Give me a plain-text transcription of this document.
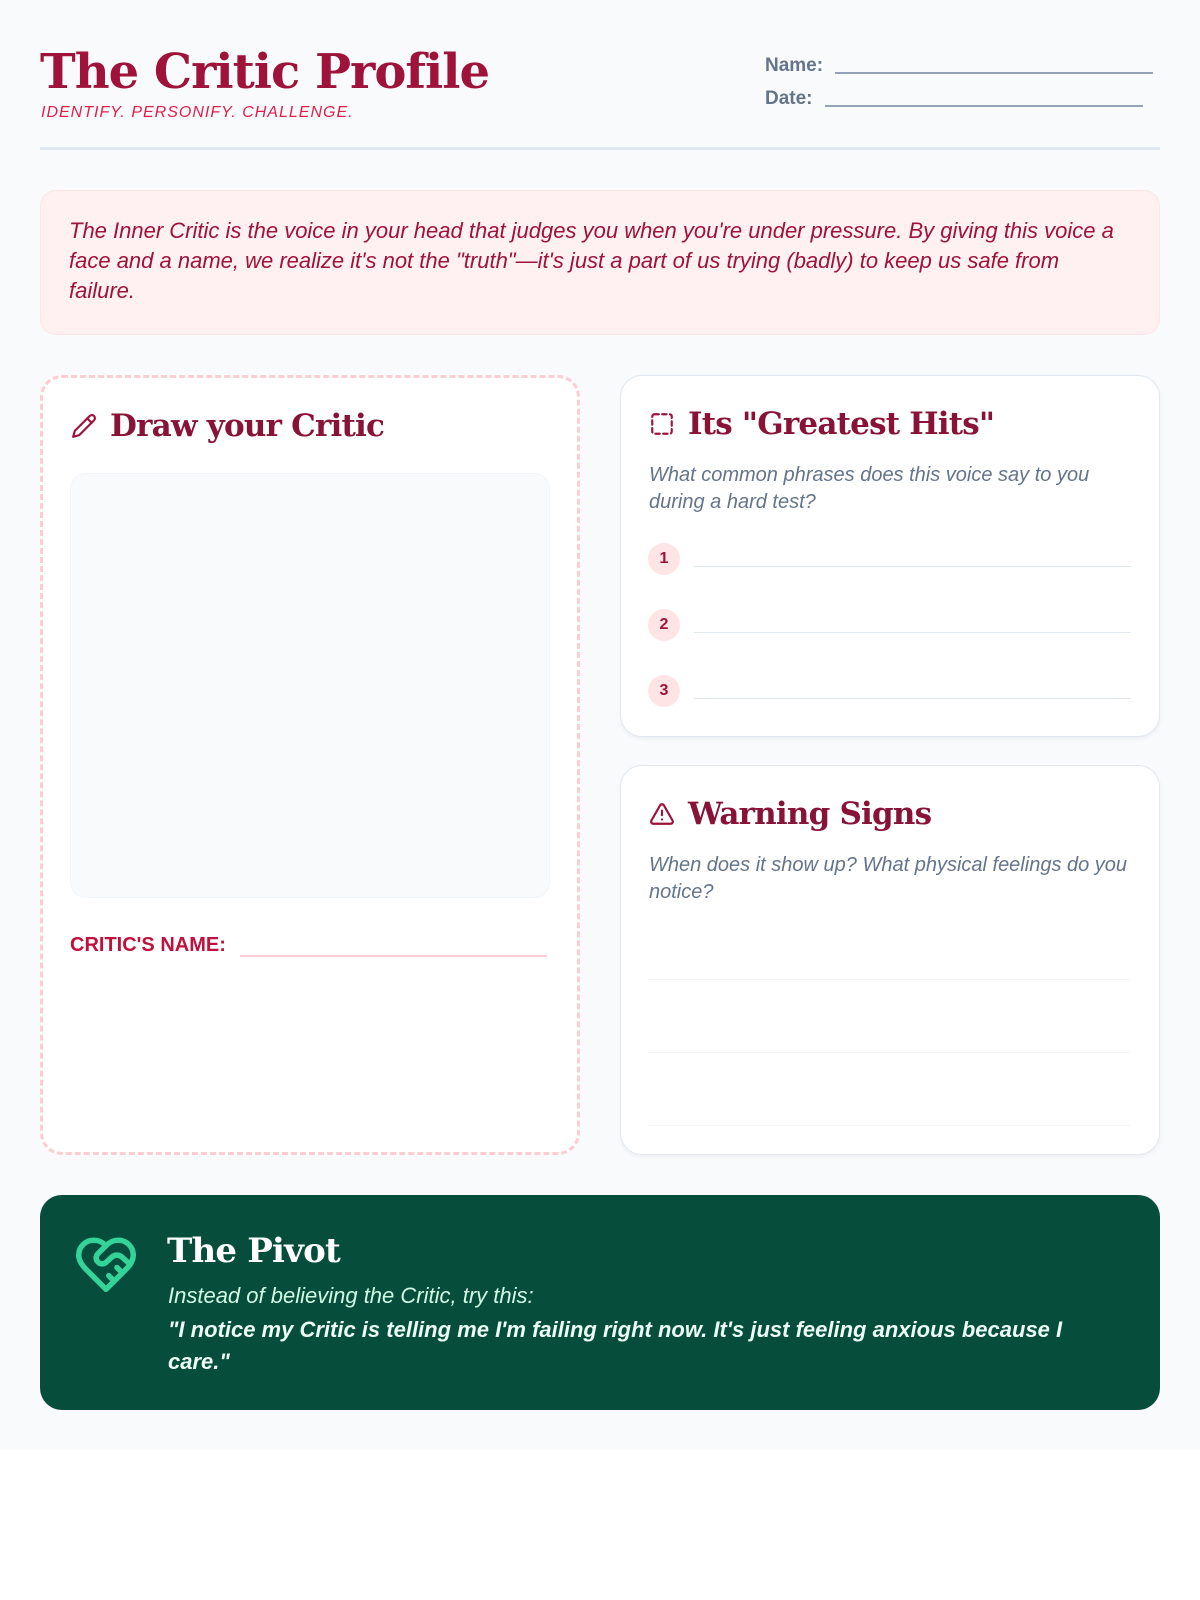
The Critic Profile
IDENTIFY. PERSONIFY. CHALLENGE.
Name:
Date:

The Inner Critic is the voice in your head that judges you when you're under pressure. By giving this voice a face and a name, we realize it's not the "truth"—it's just a part of us trying (badly) to keep us safe from failure.

Draw your Critic
CRITIC'S NAME:
Its "Greatest Hits"
What common phrases does this voice say to you during a hard test?
1
2
3
Warning Signs
When does it show up? What physical feelings do you notice?
The Pivot
Instead of believing the Critic, try this:
"I notice my Critic is telling me I'm failing right now. It's just feeling anxious because I care."
